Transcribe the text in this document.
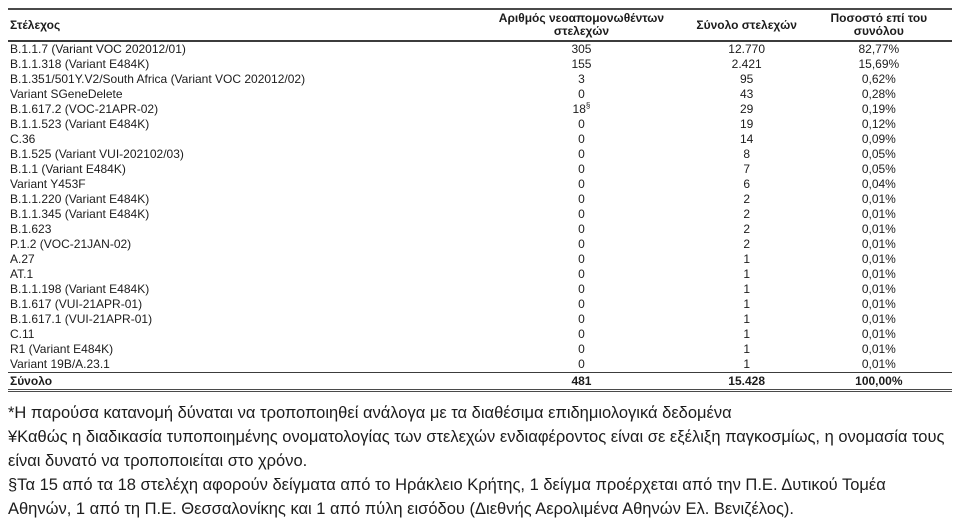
Στέλεχος	Αριθμός νεοαπομονωθέντων στελεχών	Σύνολο στελεχών	Ποσοστό επί του συνόλου
B.1.1.7 (Variant VOC 202012/01)	305	12.770	82,77%
B.1.1.318 (Variant E484K)	155	2.421	15,69%
B.1.351/501Y.V2/South Africa (Variant VOC 202012/02)	3	95	0,62%
Variant SGeneDelete	0	43	0,28%
B.1.617.2 (VOC-21APR-02)	18§	29	0,19%
B.1.1.523 (Variant E484K)	0	19	0,12%
C.36	0	14	0,09%
B.1.525 (Variant VUI-202102/03)	0	8	0,05%
B.1.1 (Variant E484K)	0	7	0,05%
Variant Y453F	0	6	0,04%
B.1.1.220 (Variant E484K)	0	2	0,01%
B.1.1.345 (Variant E484K)	0	2	0,01%
B.1.623	0	2	0,01%
P.1.2 (VOC-21JAN-02)	0	2	0,01%
A.27	0	1	0,01%
AT.1	0	1	0,01%
B.1.1.198 (Variant E484K)	0	1	0,01%
B.1.617 (VUI-21APR-01)	0	1	0,01%
B.1.617.1 (VUI-21APR-01)	0	1	0,01%
C.11	0	1	0,01%
R1 (Variant E484K)	0	1	0,01%
Variant 19B/A.23.1	0	1	0,01%
Σύνολο	481	15.428	100,00%

*Η παρούσα κατανομή δύναται να τροποποιηθεί ανάλογα με τα διαθέσιμα επιδημιολογικά δεδομένα

¥Καθώς η διαδικασία τυποποιημένης ονοματολογίας των στελεχών ενδιαφέροντος είναι σε εξέλιξη παγκοσμίως, η ονομασία τους είναι δυνατό να τροποποιείται στο χρόνο.

§Τα 15 από τα 18 στελέχη αφορούν δείγματα από το Ηράκλειο Κρήτης, 1 δείγμα προέρχεται από την Π.Ε. Δυτικού Τομέα Αθηνών, 1 από τη Π.Ε. Θεσσαλονίκης και 1 από πύλη εισόδου (Διεθνής Αερολιμένα Αθηνών Ελ. Βενιζέλος).
